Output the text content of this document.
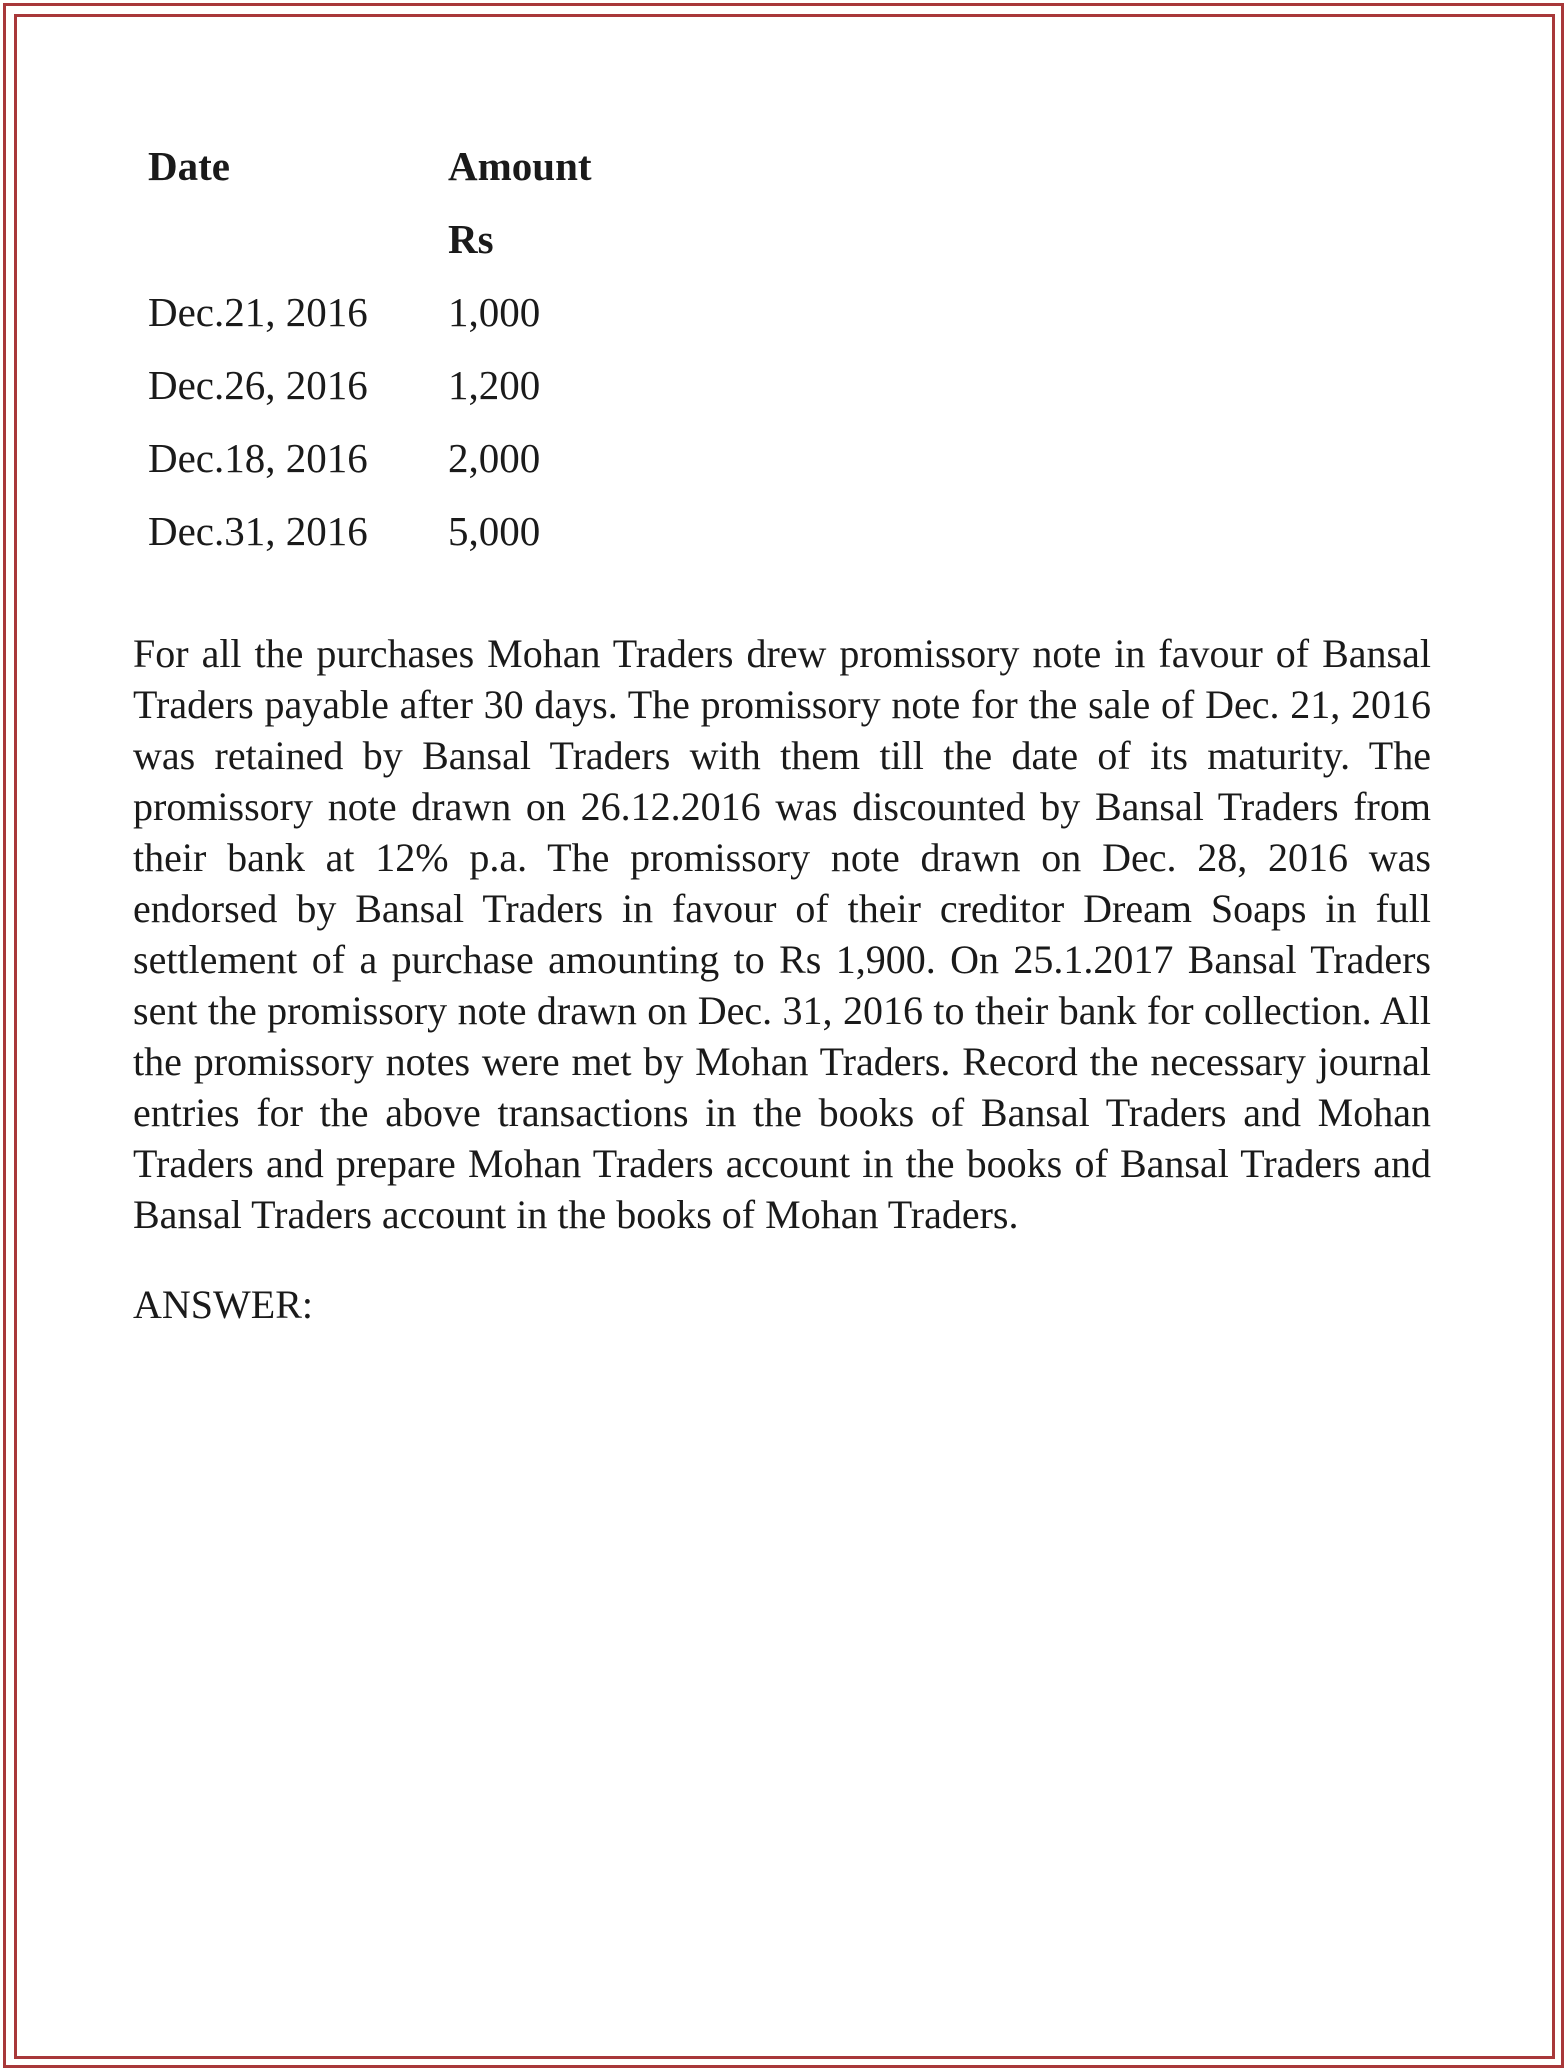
Date	Amount
	Rs
Dec.21, 2016	1,000
Dec.26, 2016	1,200
Dec.18, 2016	2,000
Dec.31, 2016	5,000

For all the purchases Mohan Traders drew promissory note in favour of Bansal Traders payable after 30 days. The promissory note for the sale of Dec. 21, 2016 was retained by Bansal Traders with them till the date of its maturity. The promissory note drawn on 26.12.2016 was discounted by Bansal Traders from their bank at 12% p.a. The promissory note drawn on Dec. 28, 2016 was endorsed by Bansal Traders in favour of their creditor Dream Soaps in full settlement of a purchase amounting to Rs 1,900. On 25.1.2017 Bansal Traders sent the promissory note drawn on Dec. 31, 2016 to their bank for collection. All the promissory notes were met by Mohan Traders. Record the necessary journal entries for the above transactions in the books of Bansal Traders and Mohan Traders and prepare Mohan Traders account in the books of Bansal Traders and Bansal Traders account in the books of Mohan Traders.

ANSWER:
